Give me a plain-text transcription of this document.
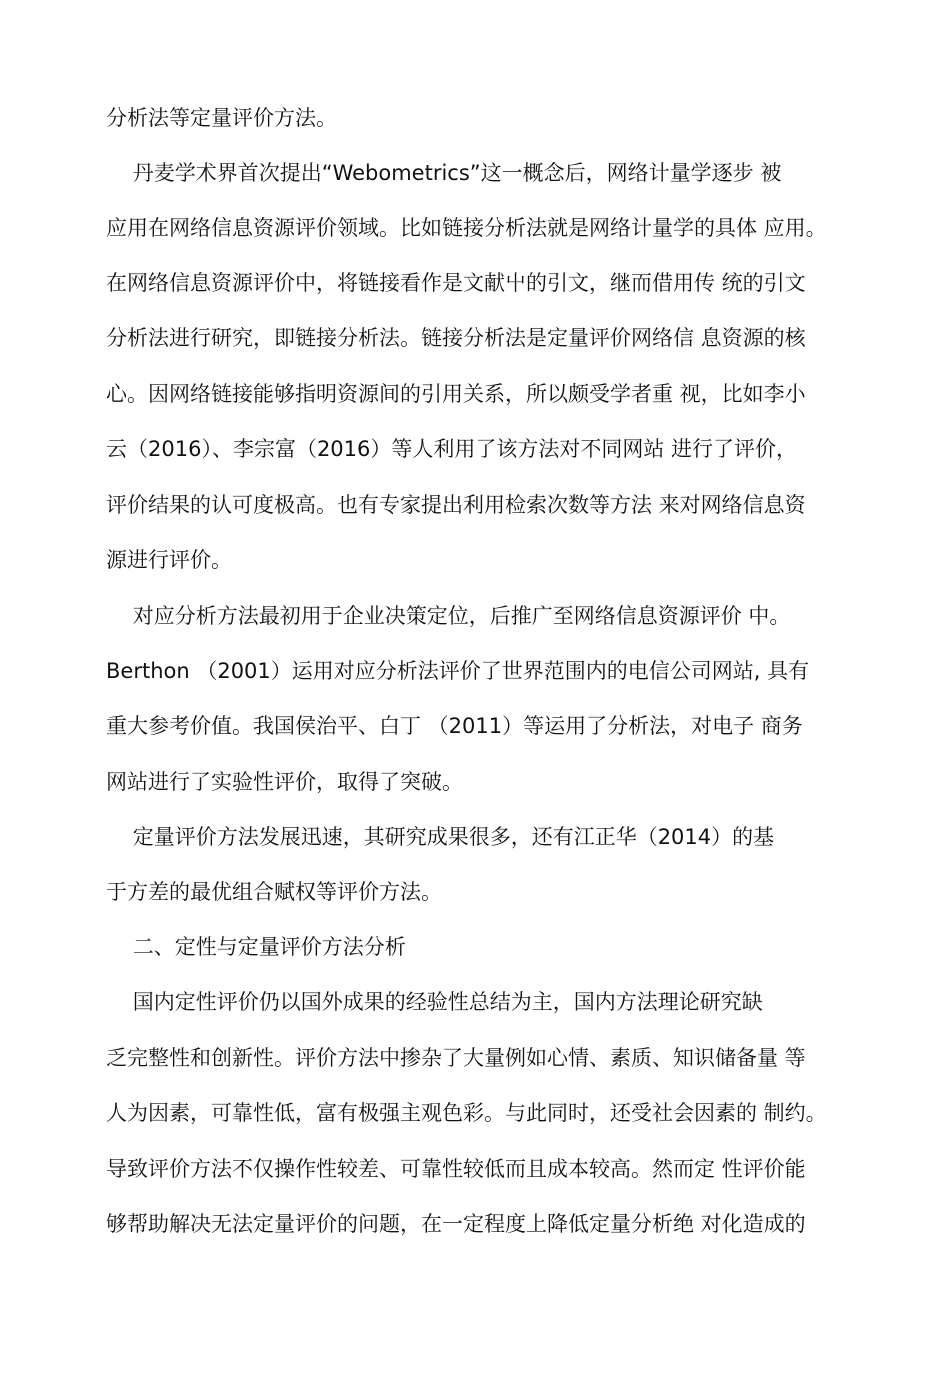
分析法等定量评价方法。
丹麦学术界首次提出“Webometrics”这一概念后，网络计量学逐步 被
应用在网络信息资源评价领域。比如链接分析法就是网络计量学的具体 应用。
在网络信息资源评价中，将链接看作是文献屮的引文，继而借用传 统的引文
分析法进行研究，即链接分析法。链接分析法是定量评价网络信 息资源的核
心。因网络链接能够指明资源间的引用关系，所以颇受学者重 视，比如李小
云（2016）、李宗富（2016）等人利用了该方法对不同网站 进行了评价，
评价结果的认可度极高。也有专家提出利用检索次数等方法 来对网络信息资
源进行评价。
对应分析方法最初用于企业决策定位，后推广至网络信息资源评价 中。
Berthon （2001）运用对应分析法评价了世界范围内的电信公司网站, 具有
重大参考价值。我国侯治平、白丁 （2011）等运用了分析法，对电子 商务
网站进行了实验性评价，取得了突破。
定量评价方法发展迅速，其研究成果很多，还有江正华（2014）的基
于方差的最优组合赋权等评价方法。
二、定性与定量评价方法分析
国内定性评价仍以国外成果的经验性总结为主，国内方法理论研究缺
乏完整性和创新性。评价方法中掺杂了大量例如心情、素质、知识储备量 等
人为因素，可靠性低，富有极强主观色彩。与此同时，还受社会因素的 制约。
导致评价方法不仅操作性较差、可靠性较低而且成本较高。然而定 性评价能
够帮助解决无法定量评价的问题，在一定程度上降低定量分析绝 对化造成的
